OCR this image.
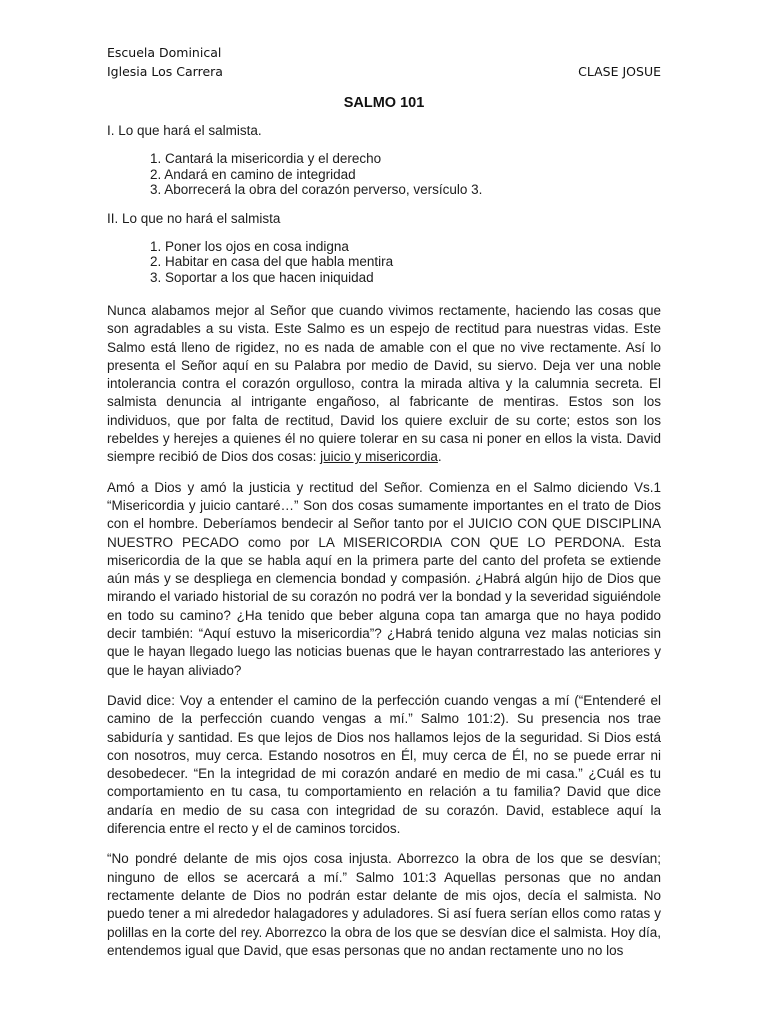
Escuela Dominical
Iglesia Los Carrera	CLASE JOSUE
SALMO 101

I. Lo que hará el salmista.

1. Cantará la misericordia y el derecho
2. Andará en camino de integridad
3. Aborrecerá la obra del corazón perverso, versículo 3.

II. Lo que no hará el salmista

1. Poner los ojos en cosa indigna
2. Habitar en casa del que habla mentira
3. Soportar a los que hacen iniquidad

Nunca alabamos mejor al Señor que cuando vivimos rectamente, haciendo las cosas que son agradables a su vista. Este Salmo es un espejo de rectitud para nuestras vidas. Este Salmo está lleno de rigidez, no es nada de amable con el que no vive rectamente. Así lo presenta el Señor aquí en su Palabra por medio de David, su siervo. Deja ver una noble intolerancia contra el corazón orgulloso, contra la mirada altiva y la calumnia secreta. El salmista denuncia al intrigante engañoso, al fabricante de mentiras. Estos son los individuos, que por falta de rectitud, David los quiere excluir de su corte; estos son los rebeldes y herejes a quienes él no quiere tolerar en su casa ni poner en ellos la vista. David siempre recibió de Dios dos cosas: juicio y misericordia.

Amó a Dios y amó la justicia y rectitud del Señor. Comienza en el Salmo diciendo Vs.1 “Misericordia y juicio cantaré…” Son dos cosas sumamente importantes en el trato de Dios con el hombre. Deberíamos bendecir al Señor tanto por el JUICIO CON QUE DISCIPLINA NUESTRO PECADO como por LA MISERICORDIA CON QUE LO PERDONA. Esta misericordia de la que se habla aquí en la primera parte del canto del profeta se extiende aún más y se despliega en clemencia bondad y compasión. ¿Habrá algún hijo de Dios que mirando el variado historial de su corazón no podrá ver la bondad y la severidad siguiéndole en todo su camino? ¿Ha tenido que beber alguna copa tan amarga que no haya podido decir también: “Aquí estuvo la misericordia”? ¿Habrá tenido alguna vez malas noticias sin que le hayan llegado luego las noticias buenas que le hayan contrarrestado las anteriores y que le hayan aliviado?

David dice: Voy a entender el camino de la perfección cuando vengas a mí (“Entenderé el camino de la perfección cuando vengas a mí.” Salmo 101:2). Su presencia nos trae sabiduría y santidad. Es que lejos de Dios nos hallamos lejos de la seguridad. Si Dios está con nosotros, muy cerca. Estando nosotros en Él, muy cerca de Él, no se puede errar ni desobedecer. “En la integridad de mi corazón andaré en medio de mi casa.” ¿Cuál es tu comportamiento en tu casa, tu comportamiento en relación a tu familia? David que dice andaría en medio de su casa con integridad de su corazón. David, establece aquí la diferencia entre el recto y el de caminos torcidos.

“No pondré delante de mis ojos cosa injusta. Aborrezco la obra de los que se desvían; ninguno de ellos se acercará a mí.” Salmo 101:3 Aquellas personas que no andan rectamente delante de Dios no podrán estar delante de mis ojos, decía el salmista. No puedo tener a mi alrededor halagadores y aduladores. Si así fuera serían ellos como ratas y polillas en la corte del rey. Aborrezco la obra de los que se desvían dice el salmista. Hoy día, entendemos igual que David, que esas personas que no andan rectamente uno no los
